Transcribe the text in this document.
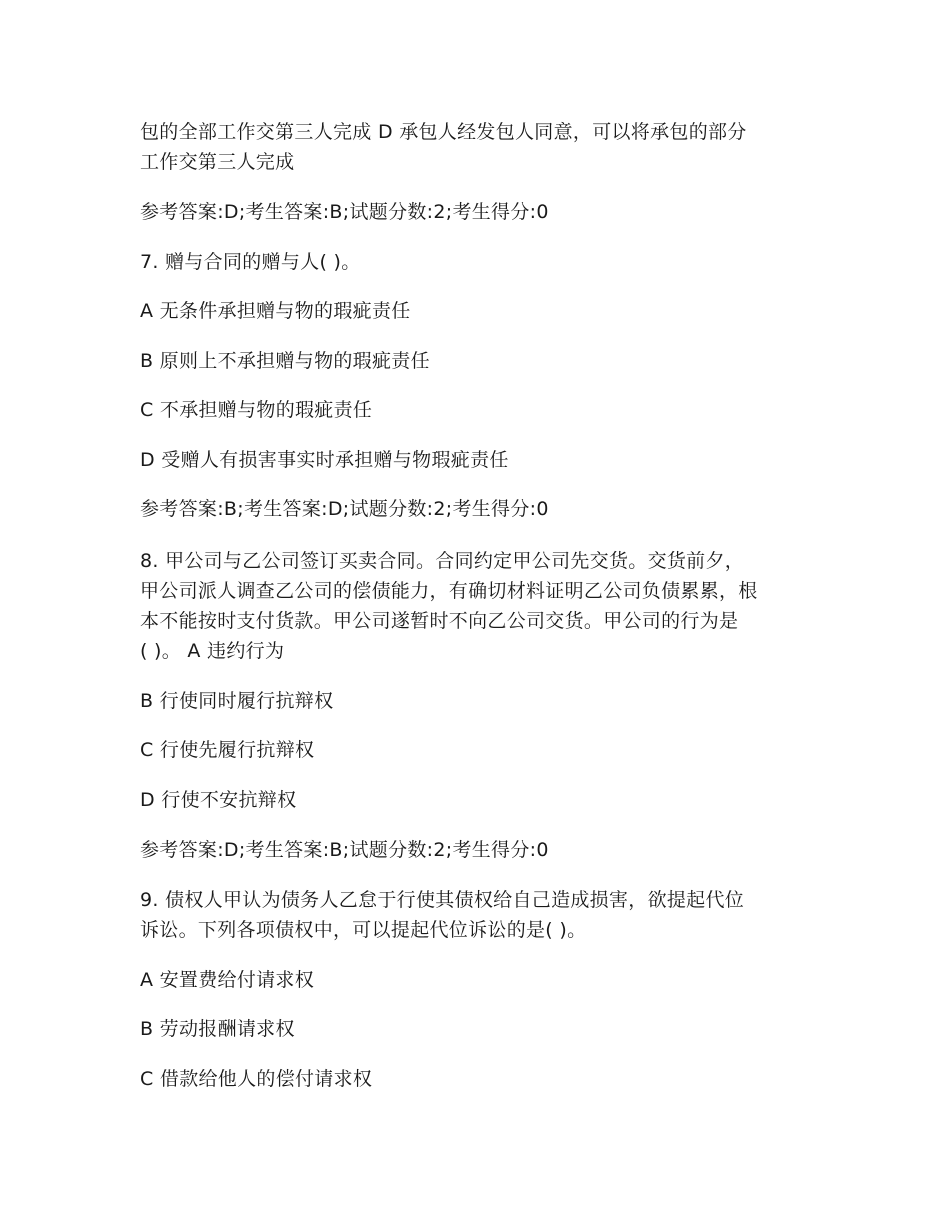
包的全部工作交第三人完成 D 承包人经发包人同意，可以将承包的部分
工作交第三人完成
参考答案:D;考生答案:B;试题分数:2;考生得分:0
7. 赠与合同的赠与人( )。
A 无条件承担赠与物的瑕疵责任
B 原则上不承担赠与物的瑕疵责任
C 不承担赠与物的瑕疵责任
D 受赠人有损害事实时承担赠与物瑕疵责任
参考答案:B;考生答案:D;试题分数:2;考生得分:0
8. 甲公司与乙公司签订买卖合同。合同约定甲公司先交货。交货前夕，
甲公司派人调查乙公司的偿债能力，有确切材料证明乙公司负债累累，根
本不能按时支付货款。甲公司遂暂时不向乙公司交货。甲公司的行为是
( )。 A 违约行为
B 行使同时履行抗辩权
C 行使先履行抗辩权
D 行使不安抗辩权
参考答案:D;考生答案:B;试题分数:2;考生得分:0
9. 债权人甲认为债务人乙怠于行使其债权给自己造成损害，欲提起代位
诉讼。下列各项债权中，可以提起代位诉讼的是( )。
A 安置费给付请求权
B 劳动报酬请求权
C 借款给他人的偿付请求权
